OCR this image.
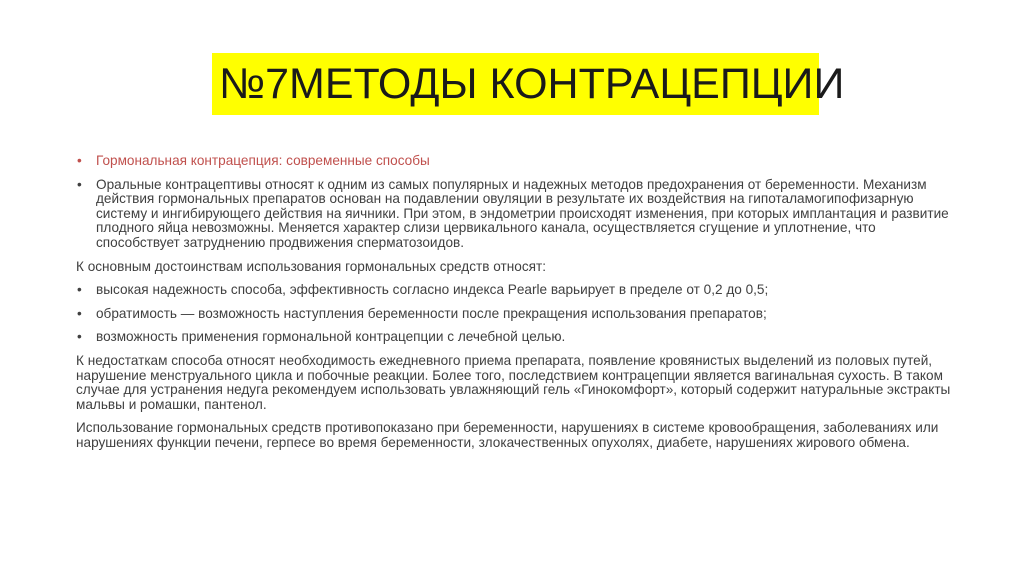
№7МЕТОДЫ КОНТРАЦЕПЦИИ
• Гормональная контрацепция: современные способы
• Оральные контрацептивы относят к одним из самых популярных и надежных методов предохранения от беременности. Механизм действия гормональных препаратов основан на подавлении овуляции в результате их воздействия на гипоталамогипофизарную систему и ингибирующего действия на яичники. При этом, в эндометрии происходят изменения, при которых имплантация и развитие плодного яйца невозможны. Меняется характер слизи цервикального канала, осуществляется сгущение и уплотнение, что способствует затруднению продвижения сперматозоидов.
К основным достоинствам использования гормональных средств относят:
• высокая надежность способа, эффективность согласно индекса Pearle варьирует в пределе от 0,2 до 0,5;
• обратимость — возможность наступления беременности после прекращения использования препаратов;
• возможность применения гормональной контрацепции с лечебной целью.
К недостаткам способа относят необходимость ежедневного приема препарата, появление кровянистых выделений из половых путей, нарушение менструального цикла и побочные реакции. Более того, последствием контрацепции является вагинальная сухость. В таком случае для устранения недуга рекомендуем использовать увлажняющий гель «Гинокомфорт», который содержит натуральные экстракты мальвы и ромашки, пантенол.
Использование гормональных средств противопоказано при беременности, нарушениях в системе кровообращения, заболеваниях или нарушениях функции печени, герпесе во время беременности, злокачественных опухолях, диабете, нарушениях жирового обмена.
